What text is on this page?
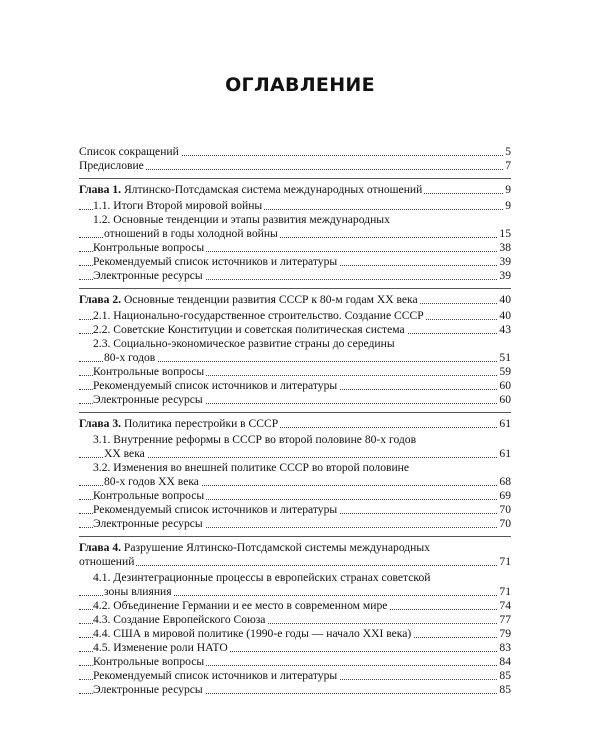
ОГЛАВЛЕНИЕ
Список сокращений	5
Предисловие	7
Глава 1. Ялтинско-Потсдамская система международных отношений	9
1.1. Итоги Второй мировой войны	9
1.2. Основные тенденции и этапы развития международных
отношений в годы холодной войны	15
Контрольные вопросы	38
Рекомендуемый список источников и литературы	39
Электронные ресурсы	39
Глава 2. Основные тенденции развития СССР к 80-м годам XX века	40
2.1. Национально-государственное строительство. Создание СССР	40
2.2. Советские Конституции и советская политическая система	43
2.3. Социально-экономическое развитие страны до середины
80-х годов	51
Контрольные вопросы	59
Рекомендуемый список источников и литературы	60
Электронные ресурсы	60
Глава 3. Политика перестройки в СССР	61
3.1. Внутренние реформы в СССР во второй половине 80-х годов
XX века	61
3.2. Изменения во внешней политике СССР во второй половине
80-х годов XX века	68
Контрольные вопросы	69
Рекомендуемый список источников и литературы	70
Электронные ресурсы	70
Глава 4. Разрушение Ялтинско-Потсдамской системы международных
отношений	71
4.1. Дезинтеграционные процессы в европейских странах советской
зоны влияния	71
4.2. Объединение Германии и ее место в современном мире	74
4.3. Создание Европейского Союза	77
4.4. США в мировой политике (1990-е годы — начало XXI века)	79
4.5. Изменение роли НАТО	83
Контрольные вопросы	84
Рекомендуемый список источников и литературы	85
Электронные ресурсы	85
